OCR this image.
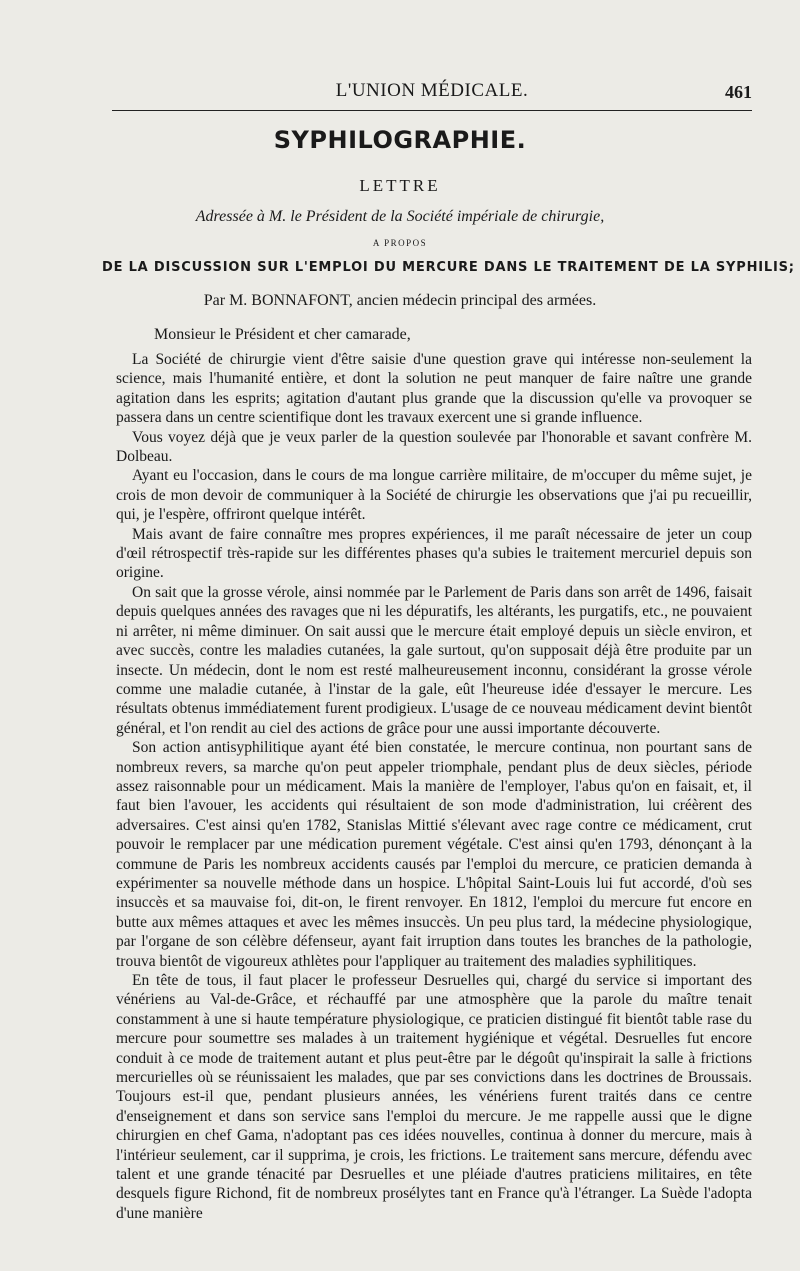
L'UNION MÉDICALE.	461
SYPHILOGRAPHIE.
LETTRE
Adressée à M. le Président de la Société impériale de chirurgie,
A PROPOS
DE LA DISCUSSION SUR L'EMPLOI DU MERCURE DANS LE TRAITEMENT DE LA SYPHILIS;
Par M. BONNAFONT, ancien médecin principal des armées.
Monsieur le Président et cher camarade,

La Société de chirurgie vient d'être saisie d'une question grave qui intéresse non-seulement la science, mais l'humanité entière, et dont la solution ne peut manquer de faire naître une grande agitation dans les esprits; agitation d'autant plus grande que la discussion qu'elle va provoquer se passera dans un centre scientifique dont les travaux exercent une si grande influence.

Vous voyez déjà que je veux parler de la question soulevée par l'honorable et savant confrère M. Dolbeau.

Ayant eu l'occasion, dans le cours de ma longue carrière militaire, de m'occuper du même sujet, je crois de mon devoir de communiquer à la Société de chirurgie les observations que j'ai pu recueillir, qui, je l'espère, offriront quelque intérêt.

Mais avant de faire connaître mes propres expériences, il me paraît nécessaire de jeter un coup d'œil rétrospectif très-rapide sur les différentes phases qu'a subies le traitement mercuriel depuis son origine.

On sait que la grosse vérole, ainsi nommée par le Parlement de Paris dans son arrêt de 1496, faisait depuis quelques années des ravages que ni les dépuratifs, les altérants, les purgatifs, etc., ne pouvaient ni arrêter, ni même diminuer. On sait aussi que le mercure était employé depuis un siècle environ, et avec succès, contre les maladies cutanées, la gale surtout, qu'on supposait déjà être produite par un insecte. Un médecin, dont le nom est resté malheureusement inconnu, considérant la grosse vérole comme une maladie cutanée, à l'instar de la gale, eût l'heureuse idée d'essayer le mercure. Les résultats obtenus immédiatement furent prodigieux. L'usage de ce nouveau médicament devint bientôt général, et l'on rendit au ciel des actions de grâce pour une aussi importante découverte.

Son action antisyphilitique ayant été bien constatée, le mercure continua, non pourtant sans de nombreux revers, sa marche qu'on peut appeler triomphale, pendant plus de deux siècles, période assez raisonnable pour un médicament. Mais la manière de l'employer, l'abus qu'on en faisait, et, il faut bien l'avouer, les accidents qui résultaient de son mode d'administration, lui créèrent des adversaires. C'est ainsi qu'en 1782, Stanislas Mittié s'élevant avec rage contre ce médicament, crut pouvoir le remplacer par une médication purement végétale. C'est ainsi qu'en 1793, dénonçant à la commune de Paris les nombreux accidents causés par l'emploi du mercure, ce praticien demanda à expérimenter sa nouvelle méthode dans un hospice. L'hôpital Saint-Louis lui fut accordé, d'où ses insuccès et sa mauvaise foi, dit-on, le firent renvoyer. En 1812, l'emploi du mercure fut encore en butte aux mêmes attaques et avec les mêmes insuccès. Un peu plus tard, la médecine physiologique, par l'organe de son célèbre défenseur, ayant fait irruption dans toutes les branches de la pathologie, trouva bientôt de vigoureux athlètes pour l'appliquer au traitement des maladies syphilitiques.

En tête de tous, il faut placer le professeur Desruelles qui, chargé du service si important des vénériens au Val-de-Grâce, et réchauffé par une atmosphère que la parole du maître tenait constamment à une si haute température physiologique, ce praticien distingué fit bientôt table rase du mercure pour soumettre ses malades à un traitement hygiénique et végétal. Desruelles fut encore conduit à ce mode de traitement autant et plus peut-être par le dégoût qu'inspirait la salle à frictions mercurielles où se réunissaient les malades, que par ses convictions dans les doctrines de Broussais. Toujours est-il que, pendant plusieurs années, les vénériens furent traités dans ce centre d'enseignement et dans son service sans l'emploi du mercure. Je me rappelle aussi que le digne chirurgien en chef Gama, n'adoptant pas ces idées nouvelles, continua à donner du mercure, mais à l'intérieur seulement, car il supprima, je crois, les frictions. Le traitement sans mercure, défendu avec talent et une grande ténacité par Desruelles et une pléiade d'autres praticiens militaires, en tête desquels figure Richond, fit de nombreux prosélytes tant en France qu'à l'étranger. La Suède l'adopta d'une manière
